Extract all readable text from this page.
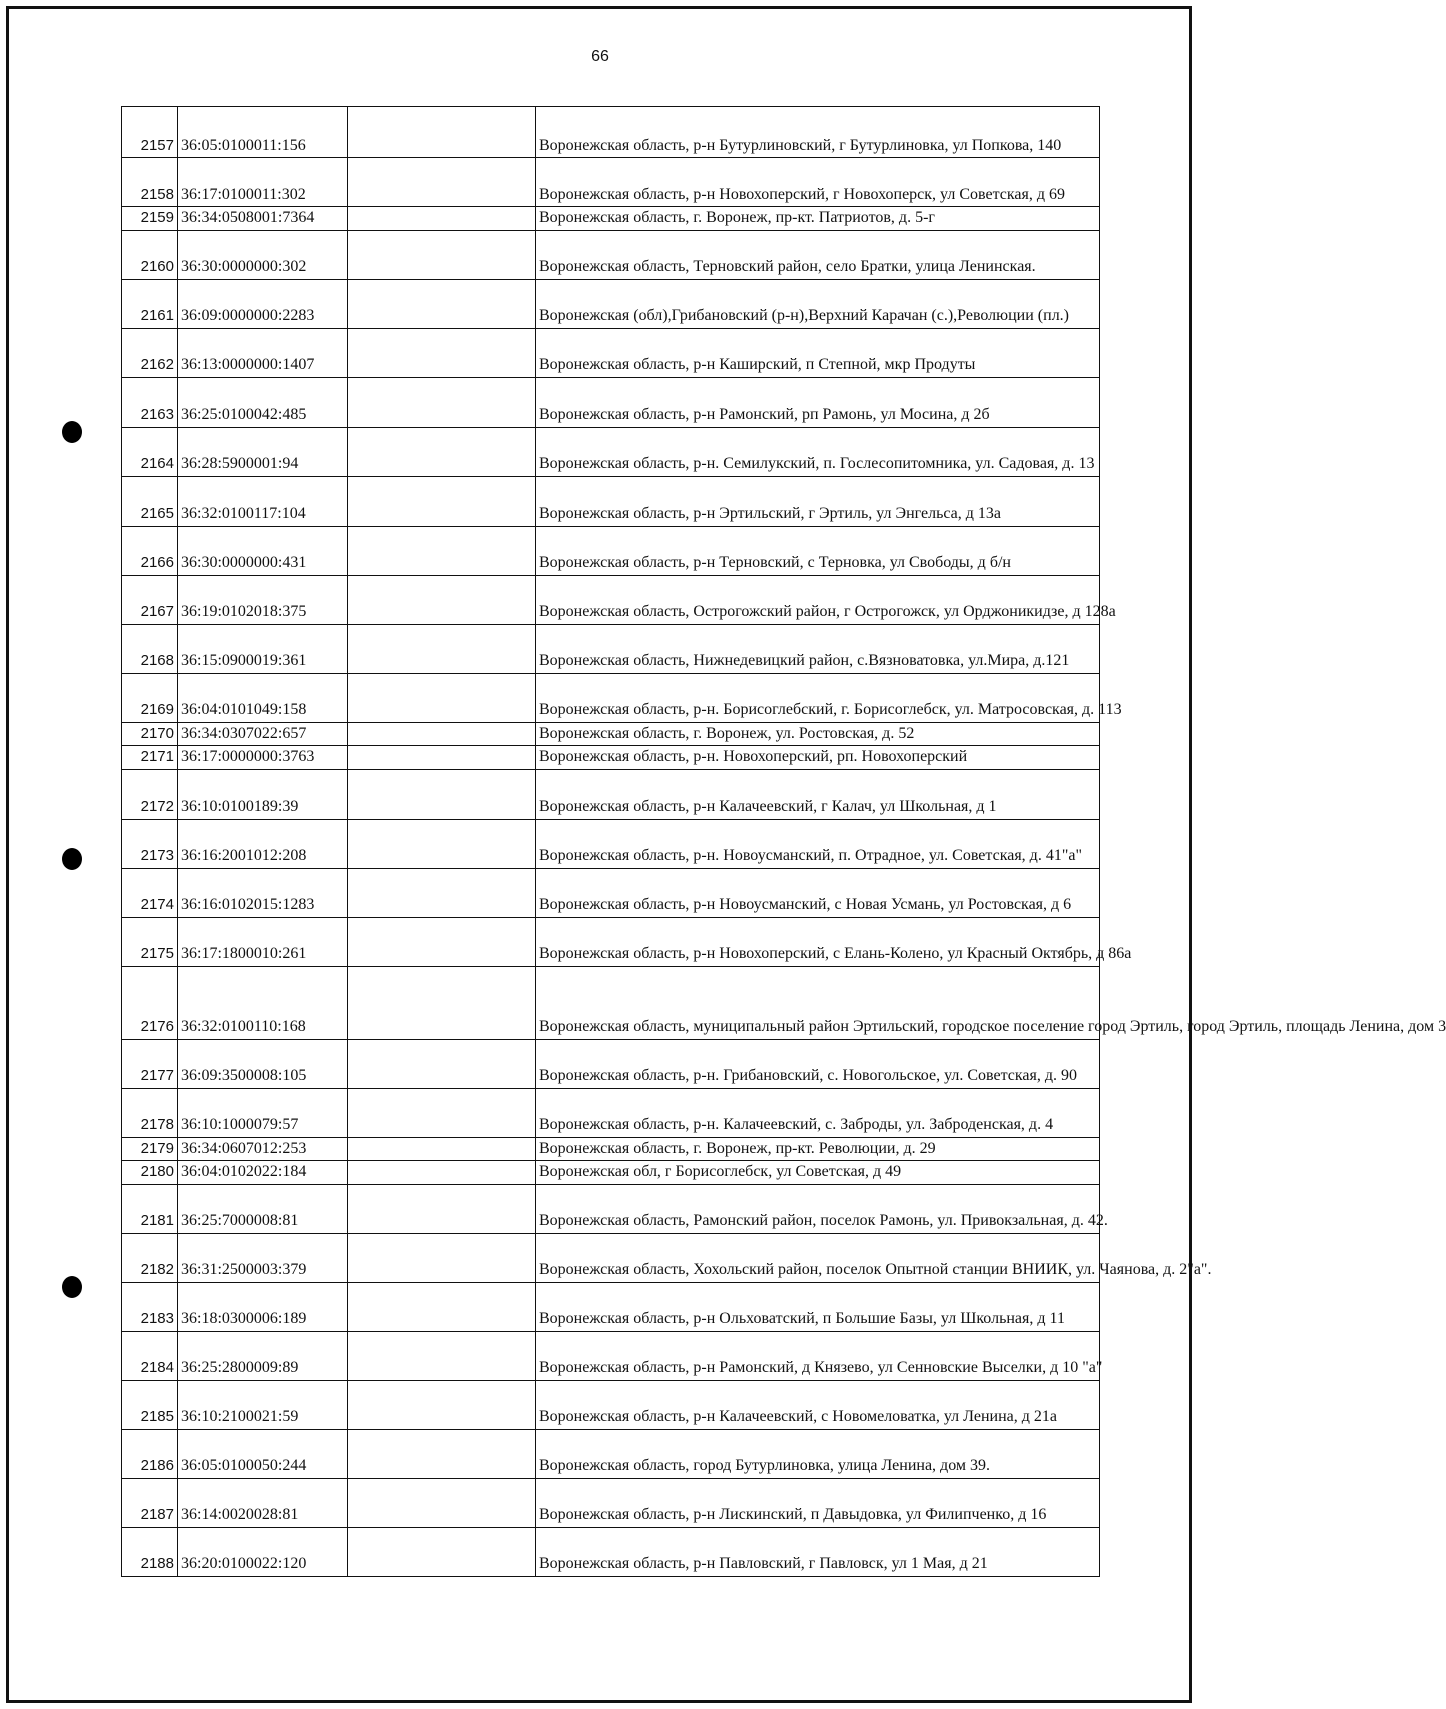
66
2157	36:05:0100011:156		Воронежская область, р-н Бутурлиновский, г Бутурлиновка, ул Попкова, 140
2158	36:17:0100011:302		Воронежская область, р-н Новохоперский, г Новохоперск, ул Советская, д 69
2159	36:34:0508001:7364		Воронежская область, г. Воронеж, пр-кт. Патриотов, д. 5-г
2160	36:30:0000000:302		Воронежская область, Терновский район, село Братки, улица Ленинская.
2161	36:09:0000000:2283		Воронежская (обл),Грибановский (р-н),Верхний Карачан (с.),Революции (пл.)
2162	36:13:0000000:1407		Воронежская область, р-н Каширский, п Степной, мкр Продуты
2163	36:25:0100042:485		Воронежская область, р-н Рамонский, рп Рамонь, ул Мосина, д 2б
2164	36:28:5900001:94		Воронежская область, р-н. Семилукский, п. Гослесопитомника, ул. Садовая, д. 13
2165	36:32:0100117:104		Воронежская область, р-н Эртильский, г Эртиль, ул Энгельса, д 13а
2166	36:30:0000000:431		Воронежская область, р-н Терновский, с Терновка, ул Свободы, д б/н
2167	36:19:0102018:375		Воронежская область, Острогожский район, г Острогожск, ул Орджоникидзе, д 128а
2168	36:15:0900019:361		Воронежская область, Нижнедевицкий район, с.Вязноватовка, ул.Мира, д.121
2169	36:04:0101049:158		Воронежская область, р-н. Борисоглебский, г. Борисоглебск, ул. Матросовская, д. 113
2170	36:34:0307022:657		Воронежская область, г. Воронеж, ул. Ростовская, д. 52
2171	36:17:0000000:3763		Воронежская область, р-н. Новохоперский, рп. Новохоперский
2172	36:10:0100189:39		Воронежская область, р-н Калачеевский, г Калач, ул Школьная, д 1
2173	36:16:2001012:208		Воронежская область, р-н. Новоусманский, п. Отрадное, ул. Советская, д. 41"а"
2174	36:16:0102015:1283		Воронежская область, р-н Новоусманский, с Новая Усмань, ул Ростовская, д 6
2175	36:17:1800010:261		Воронежская область, р-н Новохоперский, с Елань-Колено, ул Красный Октябрь, д 86а
2176	36:32:0100110:168		Воронежская область, муниципальный район Эртильский, городское поселение город Эртиль, город Эртиль, площадь Ленина, дом 3
2177	36:09:3500008:105		Воронежская область, р-н. Грибановский, с. Новогольское, ул. Советская, д. 90
2178	36:10:1000079:57		Воронежская область, р-н. Калачеевский, с. Заброды, ул. Заброденская, д. 4
2179	36:34:0607012:253		Воронежская область, г. Воронеж, пр-кт. Революции, д. 29
2180	36:04:0102022:184		Воронежская обл, г Борисоглебск, ул Советская, д 49
2181	36:25:7000008:81		Воронежская область, Рамонский район, поселок Рамонь, ул. Привокзальная, д. 42.
2182	36:31:2500003:379		Воронежская область, Хохольский район, поселок Опытной станции ВНИИК, ул. Чаянова, д. 2"а".
2183	36:18:0300006:189		Воронежская область, р-н Ольховатский, п Большие Базы, ул Школьная, д 11
2184	36:25:2800009:89		Воронежская область, р-н Рамонский, д Князево, ул Сенновские Выселки, д 10 "а"
2185	36:10:2100021:59		Воронежская область, р-н Калачеевский, с Новомеловатка, ул Ленина, д 21а
2186	36:05:0100050:244		Воронежская область, город Бутурлиновка, улица Ленина, дом 39.
2187	36:14:0020028:81		Воронежская область, р-н Лискинский, п Давыдовка, ул Филипченко, д 16
2188	36:20:0100022:120		Воронежская область, р-н Павловский, г Павловск, ул 1 Мая, д 21
